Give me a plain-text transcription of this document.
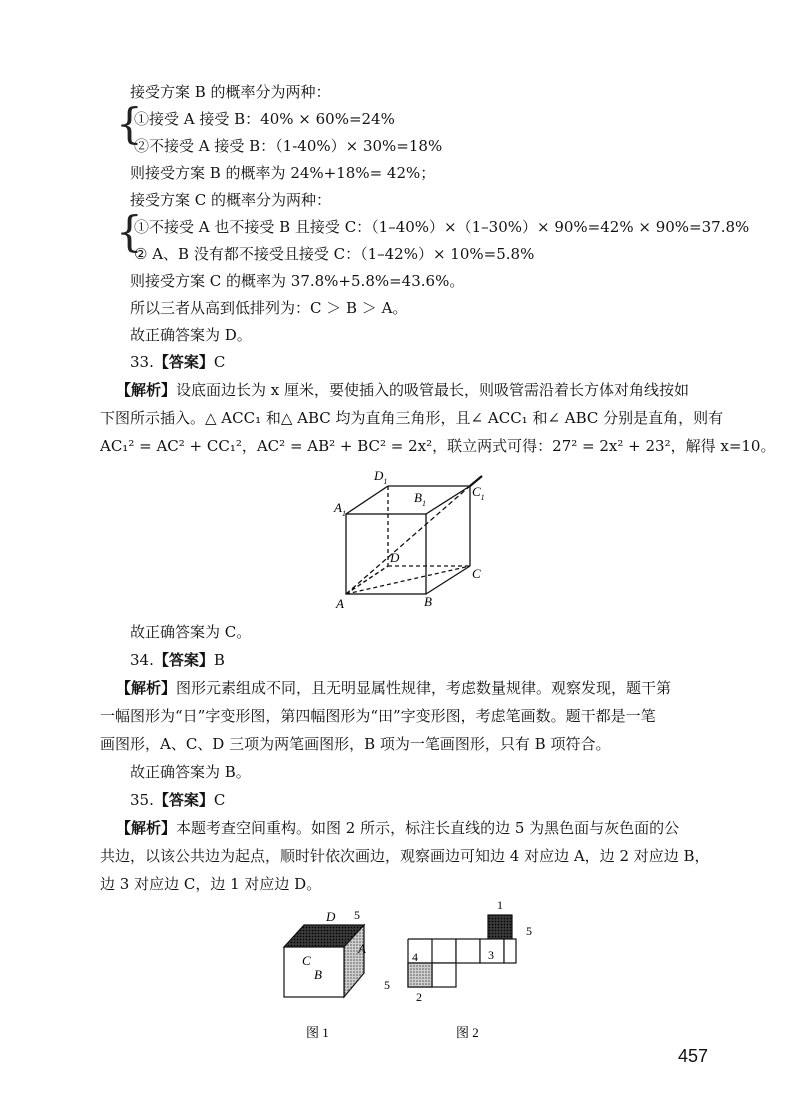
接受方案 B 的概率分为两种：
{
①接受 A 接受 B：40% × 60%=24%
②不接受 A 接受 B：（1-40%）× 30%=18%
则接受方案 B 的概率为 24%+18%= 42%；
接受方案 C 的概率分为两种：
{
①不接受 A 也不接受 B 且接受 C：（1–40%）×（1–30%）× 90%=42% × 90%=37.8%
② A、B 没有都不接受且接受 C：（1–42%）× 10%=5.8%
则接受方案 C 的概率为 37.8%+5.8%=43.6%。
所以三者从高到低排列为：C ＞ B ＞ A。
故正确答案为 D。
33.【答案】C
【解析】设底面边长为 x 厘米，要使插入的吸管最长，则吸管需沿着长方体对角线按如
下图所示插入。△ ACC₁ 和△ ABC 均为直角三角形，且∠ ACC₁ 和∠ ABC 分别是直角，则有
AC₁² = AC² + CC₁²，AC² = AB² + BC² = 2x²，联立两式可得：27² = 2x² + 23²，解得 x=10。
$A_1$
$D_1$
$B_1$
$C_1$
D
C
A	B
故正确答案为 C。
34.【答案】B
【解析】图形元素组成不同，且无明显属性规律，考虑数量规律。观察发现，题干第
一幅图形为“日”字变形图，第四幅图形为“田”字变形图，考虑笔画数。题干都是一笔
画图形，A、C、D 三项为两笔画图形，B 项为一笔画图形，只有 B 项符合。
故正确答案为 B。
35.【答案】C
【解析】本题考查空间重构。如图 2 所示，标注长直线的边 5 为黑色面与灰色面的公
共边，以该公共边为起点，顺时针依次画边，观察画边可知边 4 对应边 A，边 2 对应边 B，
边 3 对应边 C，边 1 对应边 D。
D 5
A
C
B
图 1
1
5
3
4
5
2
图 2
457
